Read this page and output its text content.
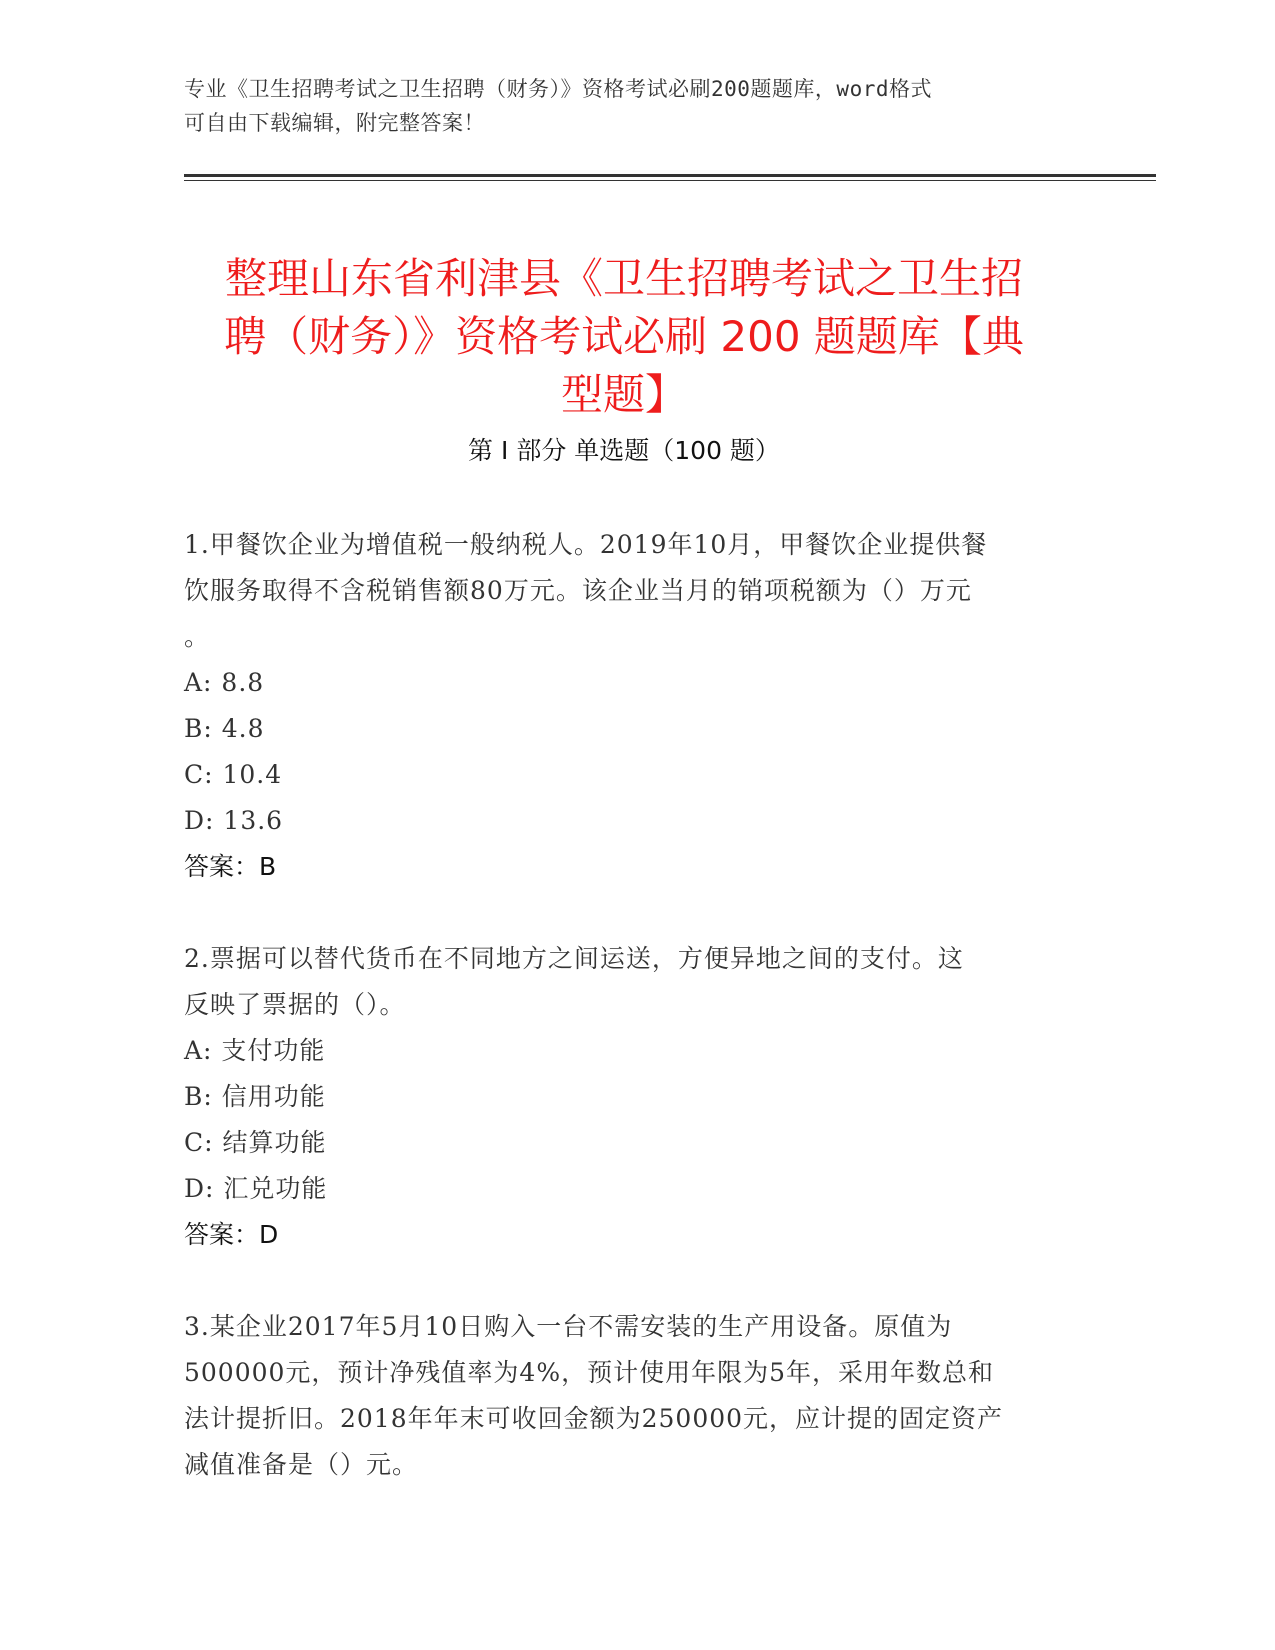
专业《卫生招聘考试之卫生招聘（财务）》资格考试必刷200题题库，word格式

可自由下载编辑，附完整答案！

整理山东省利津县《卫生招聘考试之卫生招

聘（财务）》资格考试必刷 200 题题库【典

型题】

第 I 部分 单选题（100 题）

1.甲餐饮企业为增值税一般纳税人。2019年10月，甲餐饮企业提供餐

饮服务取得不含税销售额80万元。该企业当月的销项税额为（）万元

。

A: 8.8

B: 4.8

C: 10.4

D: 13.6

答案：B

2.票据可以替代货币在不同地方之间运送，方便异地之间的支付。这

反映了票据的（）。

A: 支付功能

B: 信用功能

C: 结算功能

D: 汇兑功能

答案：D

3.某企业2017年5月10日购入一台不需安装的生产用设备。原值为

500000元，预计净残值率为4%，预计使用年限为5年，采用年数总和

法计提折旧。2018年年末可收回金额为250000元，应计提的固定资产

减值准备是（）元。
